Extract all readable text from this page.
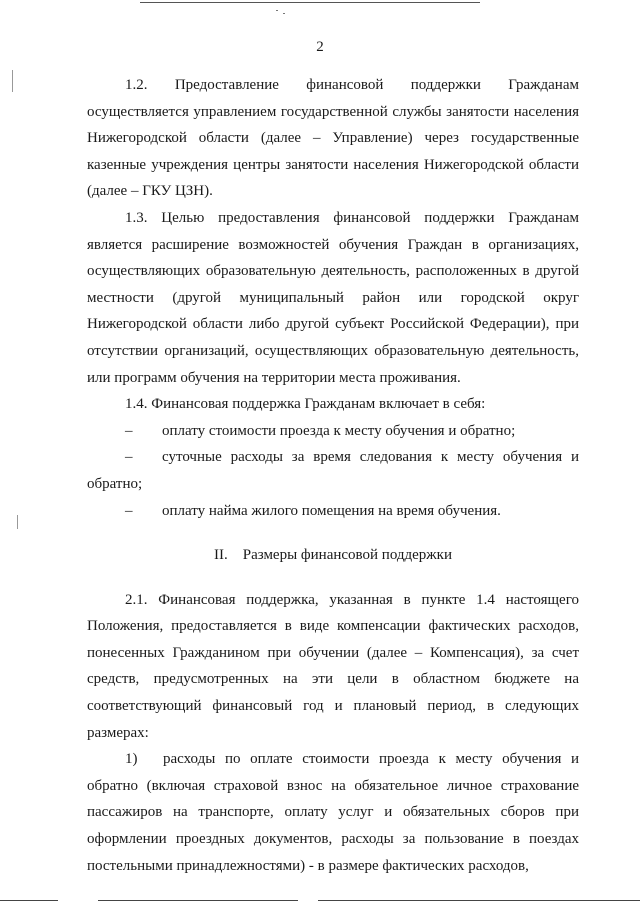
2

1.2. Предоставление финансовой поддержки Гражданам осуществляется управлением государственной службы занятости населения Нижегородской области (далее – Управление) через государственные казенные учреждения центры занятости населения Нижегородской области (далее – ГКУ ЦЗН).

1.3. Целью предоставления финансовой поддержки Гражданам является расширение возможностей обучения Граждан в организациях, осуществляющих образовательную деятельность, расположенных в другой местности (другой муниципальный район или городской округ Нижегородской области либо другой субъект Российской Федерации), при отсутствии организаций, осуществляющих образовательную деятельность, или программ обучения на территории места проживания.

1.4. Финансовая поддержка Гражданам включает в себя:

– оплату стоимости проезда к месту обучения и обратно;

– суточные расходы за время следования к месту обучения и обратно;

– оплату найма жилого помещения на время обучения.

II.    Размеры финансовой поддержки

2.1. Финансовая поддержка, указанная в пункте 1.4 настоящего Положения, предоставляется в виде компенсации фактических расходов, понесенных Гражданином при обучении (далее – Компенсация), за счет средств, предусмотренных на эти цели в областном бюджете на соответствующий финансовый год и плановый период, в следующих размерах:

1) расходы по оплате стоимости проезда к месту обучения и обратно (включая страховой взнос на обязательное личное страхование пассажиров на транспорте, оплату услуг и обязательных сборов при оформлении проездных документов, расходы за пользование в поездах постельными принадлежностями) - в размере фактических расходов,
